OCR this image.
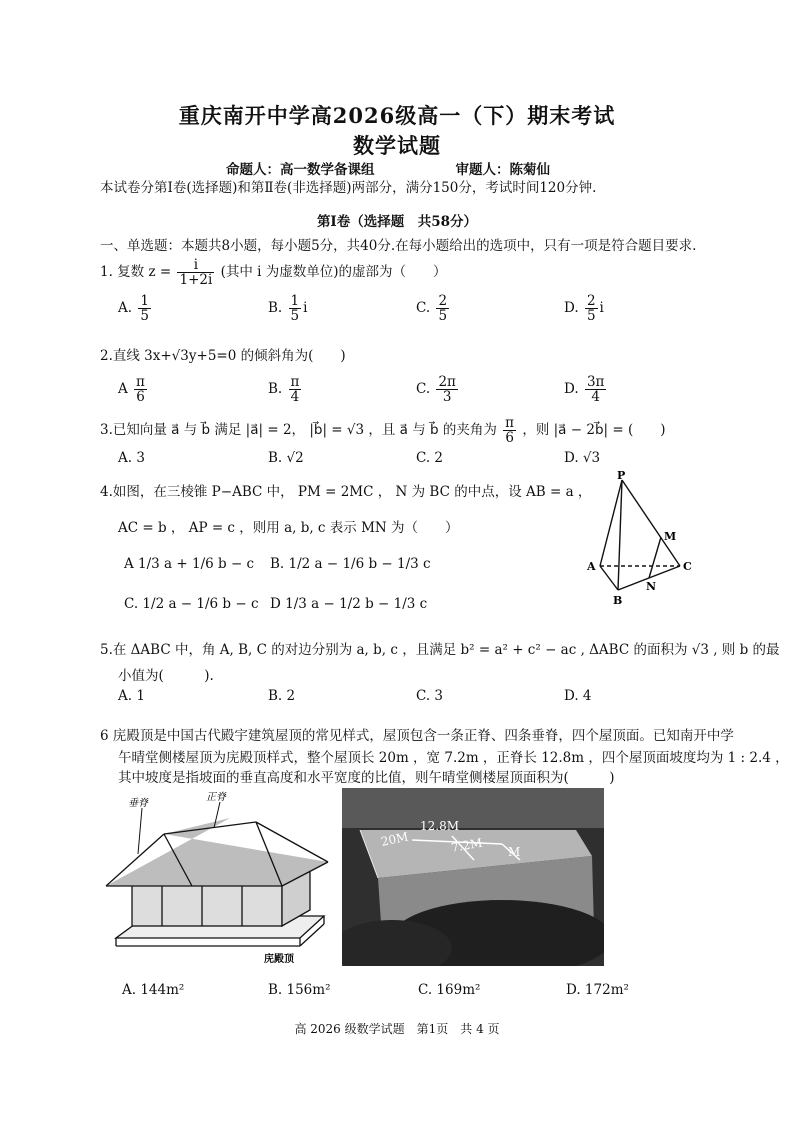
重庆南开中学高2026级高一（下）期末考试
数学试题
命题人：高一数学备课组　　　　　　审题人：陈菊仙
本试卷分第Ⅰ卷(选择题)和第Ⅱ卷(非选择题)两部分，满分150分，考试时间120分钟.
第Ⅰ卷（选择题　共58分）
一、单选题：本题共8小题，每小题5分，共40分.在每小题给出的选项中，只有一项是符合题目要求.
1. 复数 $z = \frac{i}{1+2i}$ (其中 i 为虚数单位)的虚部为（　　）
A. $\frac{1}{5}$	B. $\frac{1}{5}$ i	C. $\frac{2}{5}$	D. $\frac{2}{5}$ i
2.直线 3x+√3y+5=0 的倾斜角为(　　)
A $\frac{\pi}{6}$	B. $\frac{\pi}{4}$	C. $\frac{2\pi}{3}$	D. $\frac{3\pi}{4}$
3.已知向量 a⃗ 与 b⃗ 满足 |a⃗| = 2， |b⃗| = √3 ，且 a⃗ 与 b⃗ 的夹角为 $\frac{\pi}{6}$ ，则 |a⃗ − 2b⃗| = (　　)
A. 3	B. √2	C. 2	D. √3
4.如图，在三棱锥 P−ABC 中， PM = 2MC ， N 为 BC 的中点，设 AB = a ，
AC = b ， AP = c ，则用 a, b, c 表示 MN 为（　　）
A 1/3 a + 1/6 b − c B. 1/2 a − 1/6 b − 1/3 c
C. 1/2 a − 1/6 b − c D 1/3 a − 1/2 b − 1/3 c
P
A
B
C
M
N
5.在 ΔABC 中，角 A, B, C 的对边分别为 a, b, c ，且满足 b² = a² + c² − ac , ΔABC 的面积为 √3 , 则 b 的最
小值为(　　　).
A. 1	B. 2	C. 3	D. 4
6 庑殿顶是中国古代殿宇建筑屋顶的常见样式，屋顶包含一条正脊、四条垂脊，四个屋顶面。已知南开中学
午晴堂侧楼屋顶为庑殿顶样式，整个屋顶长 20m ，宽 7.2m ，正脊长 12.8m ，四个屋顶面坡度均为 1 : 2.4 ，
其中坡度是指坡面的垂直高度和水平宽度的比值，则午晴堂侧楼屋顶面积为(　　　)
垂脊
正脊
庑殿顶
12.8M
20M	7.2M M
A. 144m²	B. 156m²	C. 169m²	D. 172m²
高 2026 级数学试题　第1页　共 4 页
